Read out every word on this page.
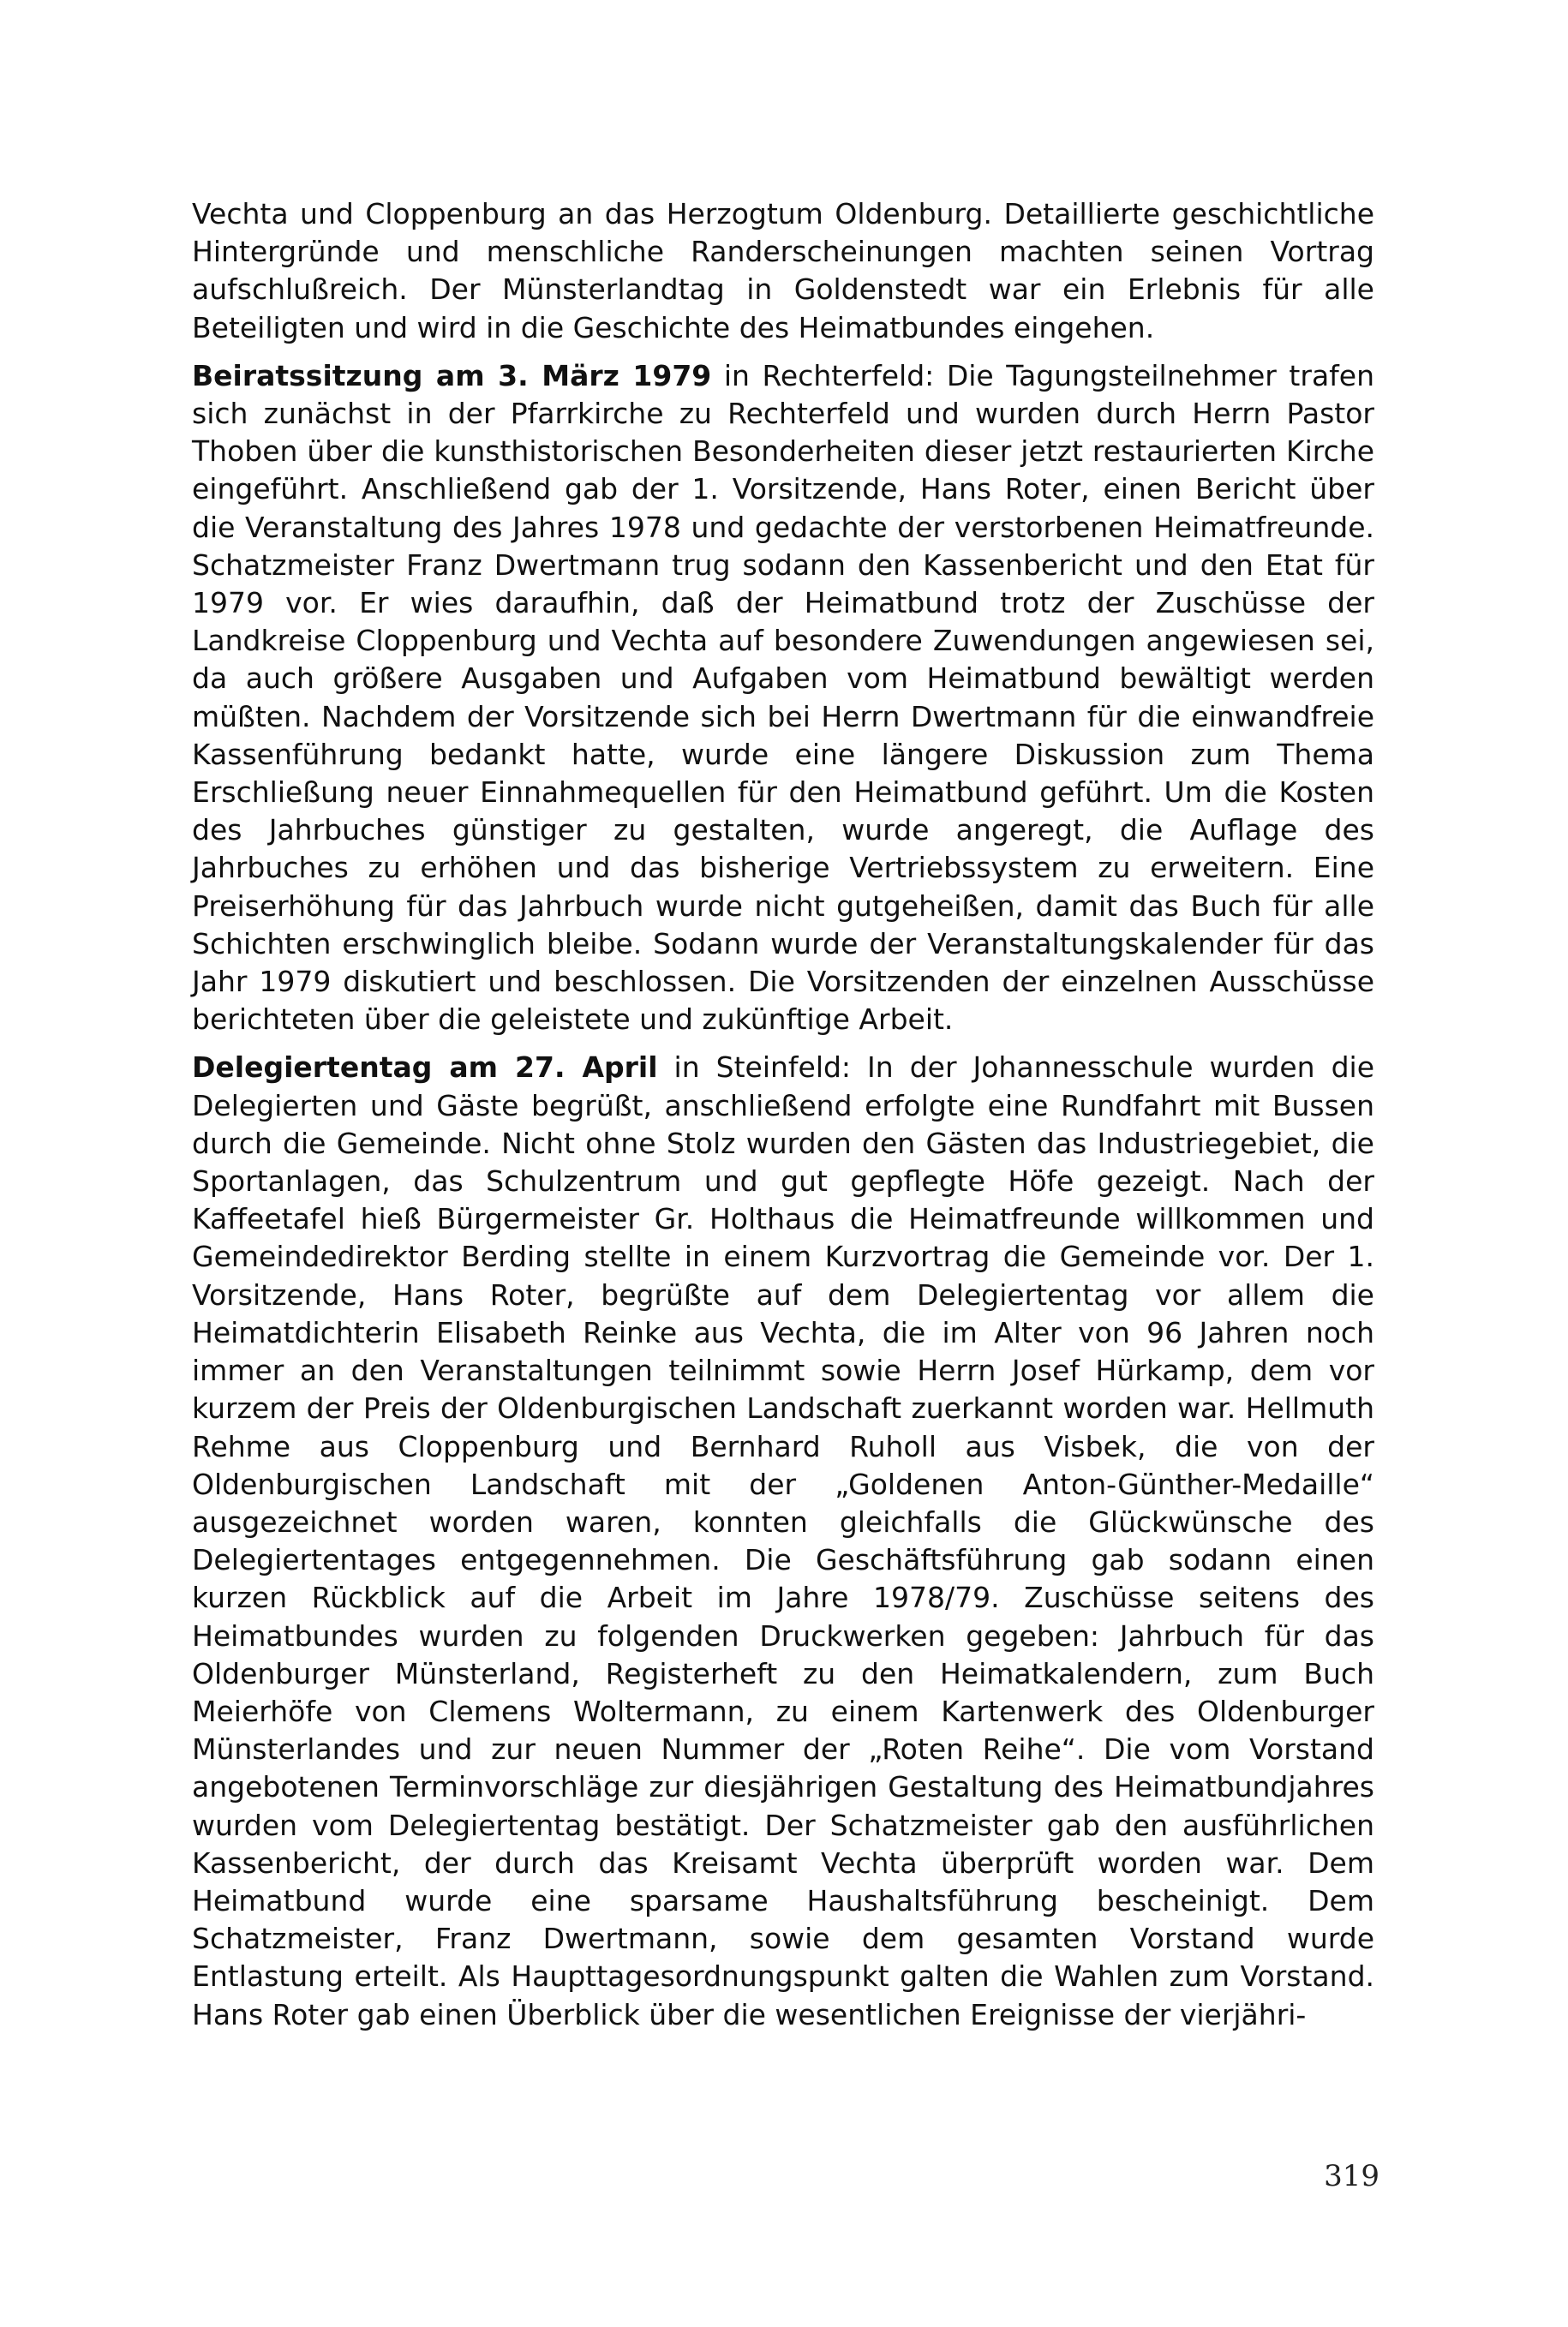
Vechta und Cloppenburg an das Herzogtum Oldenburg. Detaillierte geschichtliche Hintergründe und menschliche Randerscheinungen machten seinen Vortrag aufschlußreich. Der Münsterlandtag in Goldenstedt war ein Erlebnis für alle Beteiligten und wird in die Geschichte des Heimatbundes eingehen.

Beiratssitzung am 3. März 1979 in Rechterfeld: Die Tagungsteilnehmer trafen sich zunächst in der Pfarrkirche zu Rechterfeld und wurden durch Herrn Pastor Thoben über die kunsthistorischen Besonderheiten dieser jetzt restaurierten Kirche eingeführt. Anschließend gab der 1. Vorsitzende, Hans Roter, einen Bericht über die Veranstaltung des Jahres 1978 und gedachte der verstorbenen Heimatfreunde. Schatzmeister Franz Dwertmann trug sodann den Kassenbericht und den Etat für 1979 vor. Er wies daraufhin, daß der Heimatbund trotz der Zuschüsse der Landkreise Cloppenburg und Vechta auf besondere Zuwendungen angewiesen sei, da auch größere Ausgaben und Aufgaben vom Heimatbund bewältigt werden müßten. Nachdem der Vorsitzende sich bei Herrn Dwertmann für die einwandfreie Kassenführung bedankt hatte, wurde eine längere Diskussion zum Thema Erschließung neuer Einnahmequellen für den Heimatbund geführt. Um die Kosten des Jahrbuches günstiger zu gestalten, wurde angeregt, die Auflage des Jahrbuches zu erhöhen und das bisherige Vertriebssystem zu erweitern. Eine Preiserhöhung für das Jahrbuch wurde nicht gutgeheißen, damit das Buch für alle Schichten erschwinglich bleibe. Sodann wurde der Veranstaltungskalender für das Jahr 1979 diskutiert und beschlossen. Die Vorsitzenden der einzelnen Ausschüsse berichteten über die geleistete und zukünftige Arbeit.

Delegiertentag am 27. April in Steinfeld: In der Johannesschule wurden die Delegierten und Gäste begrüßt, anschließend erfolgte eine Rundfahrt mit Bussen durch die Gemeinde. Nicht ohne Stolz wurden den Gästen das Industriegebiet, die Sportanlagen, das Schulzentrum und gut gepflegte Höfe gezeigt. Nach der Kaffeetafel hieß Bürgermeister Gr. Holthaus die Heimatfreunde willkommen und Gemeindedirektor Berding stellte in einem Kurzvortrag die Gemeinde vor. Der 1. Vorsitzende, Hans Roter, begrüßte auf dem Delegiertentag vor allem die Heimatdichterin Elisabeth Reinke aus Vechta, die im Alter von 96 Jahren noch immer an den Veranstaltungen teilnimmt sowie Herrn Josef Hürkamp, dem vor kurzem der Preis der Oldenburgischen Landschaft zuerkannt worden war. Hellmuth Rehme aus Cloppenburg und Bernhard Ruholl aus Visbek, die von der Oldenburgischen Landschaft mit der „Goldenen Anton-Günther-Medaille“ ausgezeichnet worden waren, konnten gleichfalls die Glückwünsche des Delegiertentages entgegennehmen. Die Geschäftsführung gab sodann einen kurzen Rückblick auf die Arbeit im Jahre 1978/79. Zuschüsse seitens des Heimatbundes wurden zu folgenden Druckwerken gegeben: Jahrbuch für das Oldenburger Münsterland, Registerheft zu den Heimatkalendern, zum Buch Meierhöfe von Clemens Woltermann, zu einem Kartenwerk des Oldenburger Münsterlandes und zur neuen Nummer der „Roten Reihe“. Die vom Vorstand angebotenen Terminvorschläge zur diesjährigen Gestaltung des Heimatbundjahres wurden vom Delegiertentag bestätigt. Der Schatzmeister gab den ausführlichen Kassenbericht, der durch das Kreisamt Vechta überprüft worden war. Dem Heimatbund wurde eine sparsame Haushaltsführung bescheinigt. Dem Schatzmeister, Franz Dwertmann, sowie dem gesamten Vorstand wurde Entlastung erteilt. Als Haupttagesordnungspunkt galten die Wahlen zum Vorstand. Hans Roter gab einen Überblick über die wesentlichen Ereignisse der vierjähri-

319
